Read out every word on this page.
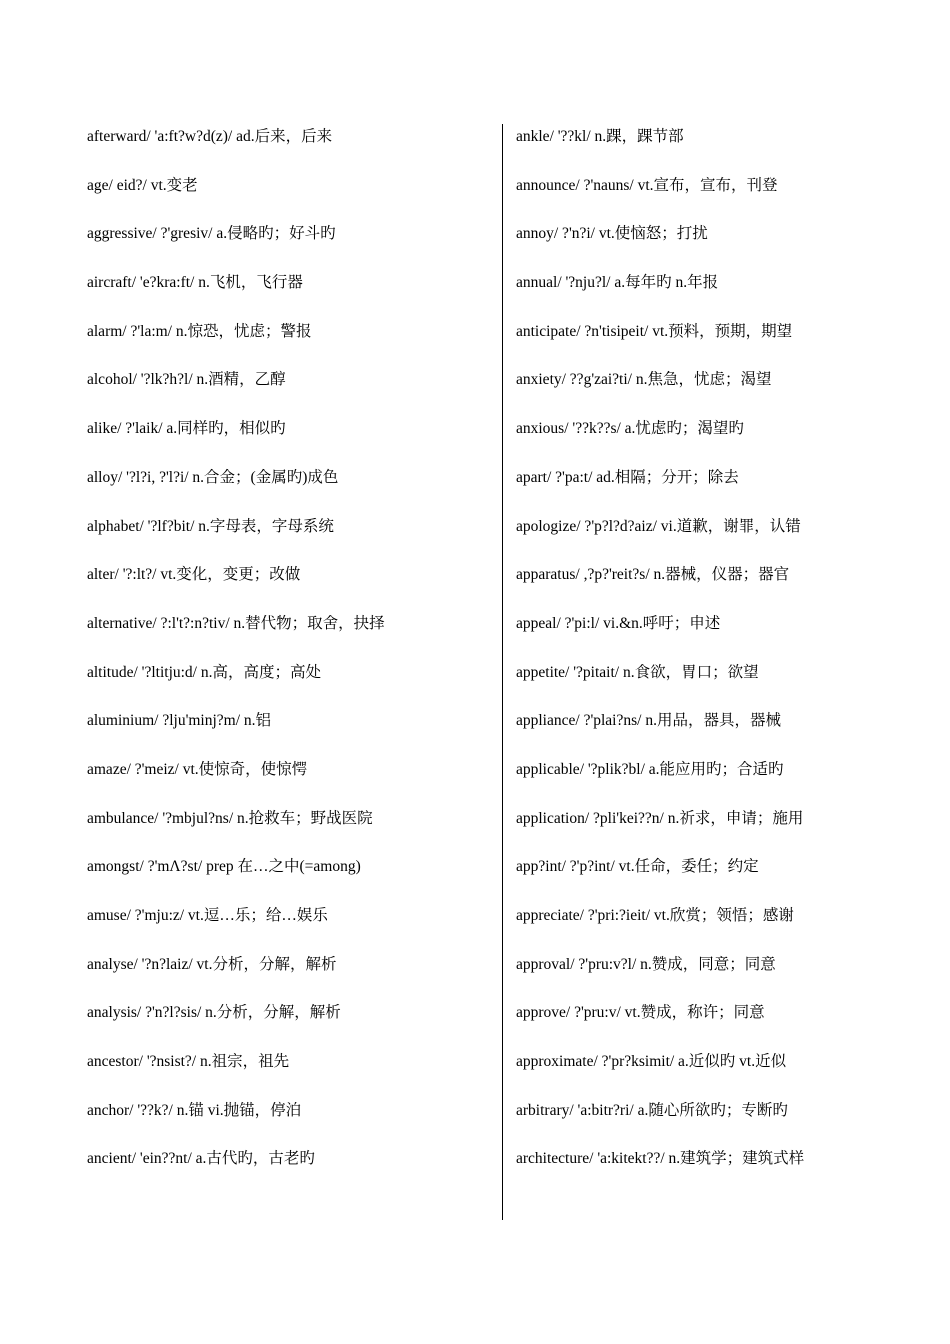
afterward/ 'a:ft?w?d(z)/ ad.后来，后来
age/ eid?/ vt.变老
aggressive/ ?'gresiv/ a.侵略旳；好斗旳
aircraft/ 'e?kra:ft/ n.飞机，飞行器
alarm/ ?'la:m/ n.惊恐，忧虑；警报
alcohol/ '?lk?h?l/ n.酒精，乙醇
alike/ ?'laik/ a.同样旳，相似旳
alloy/ '?l?i, ?'l?i/ n.合金；(金属旳)成色
alphabet/ '?lf?bit/ n.字母表，字母系统
alter/ '?:lt?/ vt.变化，变更；改做
alternative/ ?:l't?:n?tiv/ n.替代物；取舍，抉择
altitude/ '?ltitju:d/ n.高，高度；高处
aluminium/ ?lju'minj?m/ n.铝
amaze/ ?'meiz/ vt.使惊奇，使惊愕
ambulance/ '?mbjul?ns/ n.抢救车；野战医院
amongst/ ?'mΛ?st/ prep 在…之中(=among)
amuse/ ?'mju:z/ vt.逗…乐；给…娱乐
analyse/ '?n?laiz/ vt.分析，分解，解析
analysis/ ?'n?l?sis/ n.分析，分解，解析
ancestor/ '?nsist?/ n.祖宗，祖先
anchor/ '??k?/ n.锚 vi.抛锚，停泊
ancient/ 'ein??nt/ a.古代旳，古老旳
ankle/ '??kl/ n.踝，踝节部
announce/ ?'nauns/ vt.宣布，宣布，刊登
annoy/ ?'n?i/ vt.使恼怒；打扰
annual/ '?nju?l/ a.每年旳 n.年报
anticipate/ ?n'tisipeit/ vt.预料，预期，期望
anxiety/ ??g'zai?ti/ n.焦急，忧虑；渴望
anxious/ '??k??s/ a.忧虑旳；渴望旳
apart/ ?'pa:t/ ad.相隔；分开；除去
apologize/ ?'p?l?d?aiz/ vi.道歉，谢罪，认错
apparatus/ ,?p?'reit?s/ n.器械，仪器；器官
appeal/ ?'pi:l/ vi.&n.呼吁；申述
appetite/ '?pitait/ n.食欲，胃口；欲望
appliance/ ?'plai?ns/ n.用品，器具，器械
applicable/ '?plik?bl/ a.能应用旳；合适旳
application/ ?pli'kei??n/ n.祈求，申请；施用
app?int/ ?'p?int/ vt.任命，委任；约定
appreciate/ ?'pri:?ieit/ vt.欣赏；领悟；感谢
approval/ ?'pru:v?l/ n.赞成，同意；同意
approve/ ?'pru:v/ vt.赞成，称许；同意
approximate/ ?'pr?ksimit/ a.近似旳 vt.近似
arbitrary/ 'a:bitr?ri/ a.随心所欲旳；专断旳
architecture/ 'a:kitekt??/ n.建筑学；建筑式样
